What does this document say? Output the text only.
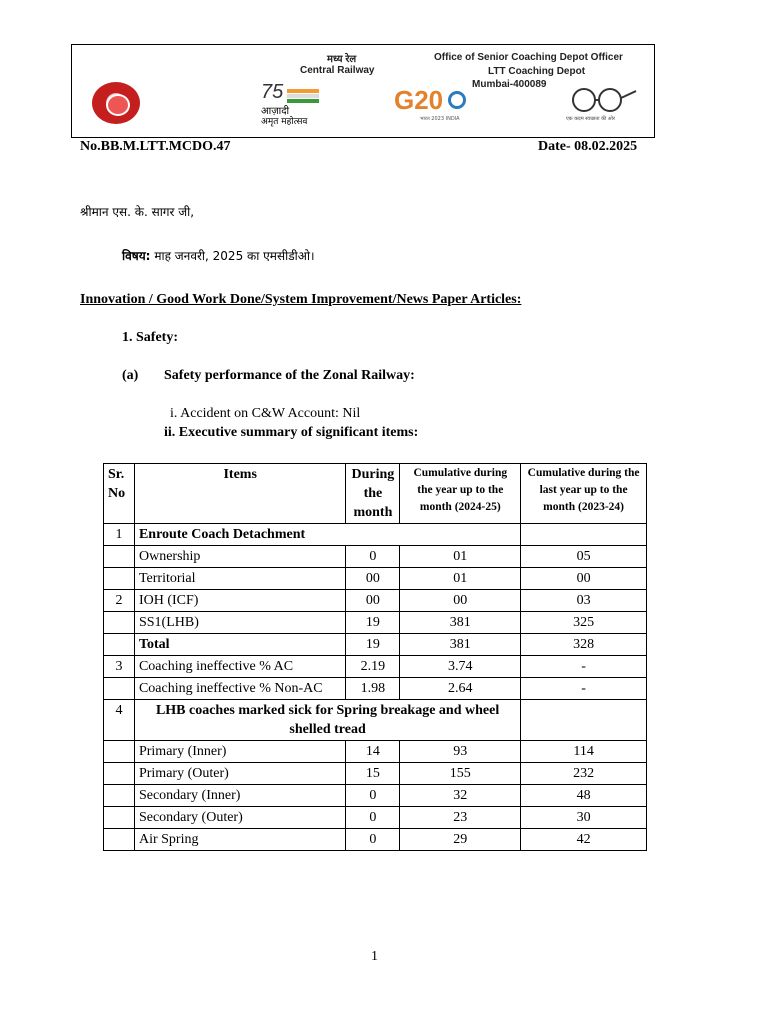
मध्य रेल
Central Railway
Office of Senior Coaching Depot Officer
LTT Coaching Depot
Mumbai-400089
75
आज़ादी
अमृत महोत्सव
G20
भारत 2023 INDIA	एक कदम स्वच्छता की ओर
No.BB.M.LTT.MCDO.47	Date- 08.02.2025
श्रीमान एस. के. सागर जी,
विषय: माह जनवरी, 2025 का एमसीडीओ।
Innovation / Good Work Done/System Improvement/News Paper Articles:
1. Safety:
(a) Safety performance of the Zonal Railway:
i. Accident on C&W Account: Nil
ii. Executive summary of significant items:
Sr. No	Items	During the month	Cumulative during the year up to the month (2024-25)	Cumulative during the last year up to the month (2023-24)
1	Enroute Coach Detachment			
	Ownership	0	01	05
	Territorial	00	01	00
2	IOH (ICF)	00	00	03
	SS1(LHB)	19	381	325
	Total	19	381	328
3	Coaching ineffective % AC	2.19	3.74	-
	Coaching ineffective % Non-AC	1.98	2.64	-
4	LHB coaches marked sick for Spring breakage and wheel shelled tread			
	Primary (Inner)	14	93	114
	Primary (Outer)	15	155	232
	Secondary (Inner)	0	32	48
	Secondary (Outer)	0	23	30
	Air Spring	0	29	42
1
